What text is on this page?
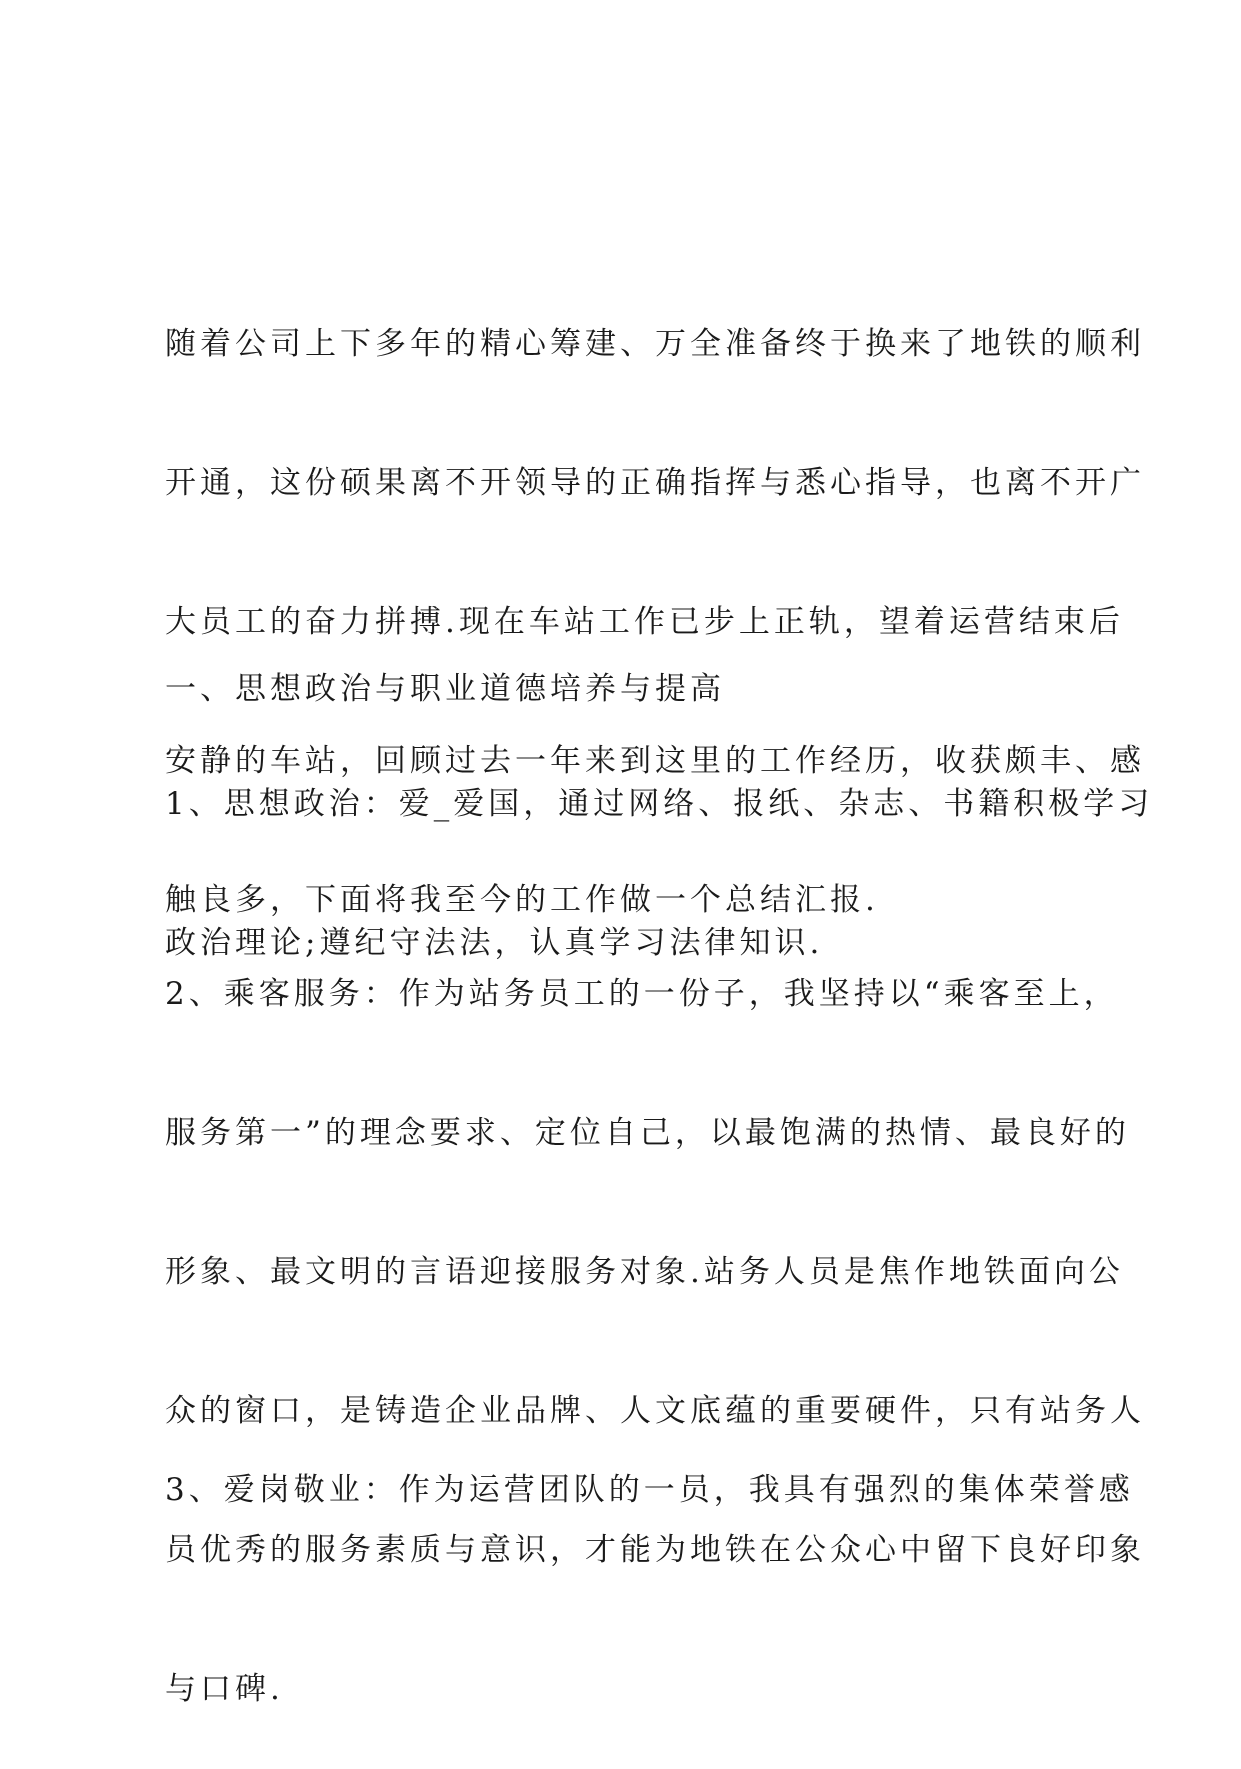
随着公司上下多年的精心筹建、万全准备终于换来了地铁的顺利

开通，这份硕果离不开领导的正确指挥与悉心指导，也离不开广

大员工的奋力拼搏.现在车站工作已步上正轨，望着运营结束后

安静的车站，回顾过去一年来到这里的工作经历，收获颇丰、感

触良多，下面将我至今的工作做一个总结汇报.

一、思想政治与职业道德培养与提高

1、思想政治：爱_爱国，通过网络、报纸、杂志、书籍积极学习

政治理论;遵纪守法法，认真学习法律知识.

2、乘客服务：作为站务员工的一份子，我坚持以“乘客至上，

服务第一”的理念要求、定位自己，以最饱满的热情、最良好的

形象、最文明的言语迎接服务对象.站务人员是焦作地铁面向公

众的窗口，是铸造企业品牌、人文底蕴的重要硬件，只有站务人

员优秀的服务素质与意识，才能为地铁在公众心中留下良好印象

与口碑.

3、爱岗敬业：作为运营团队的一员，我具有强烈的集体荣誉感
